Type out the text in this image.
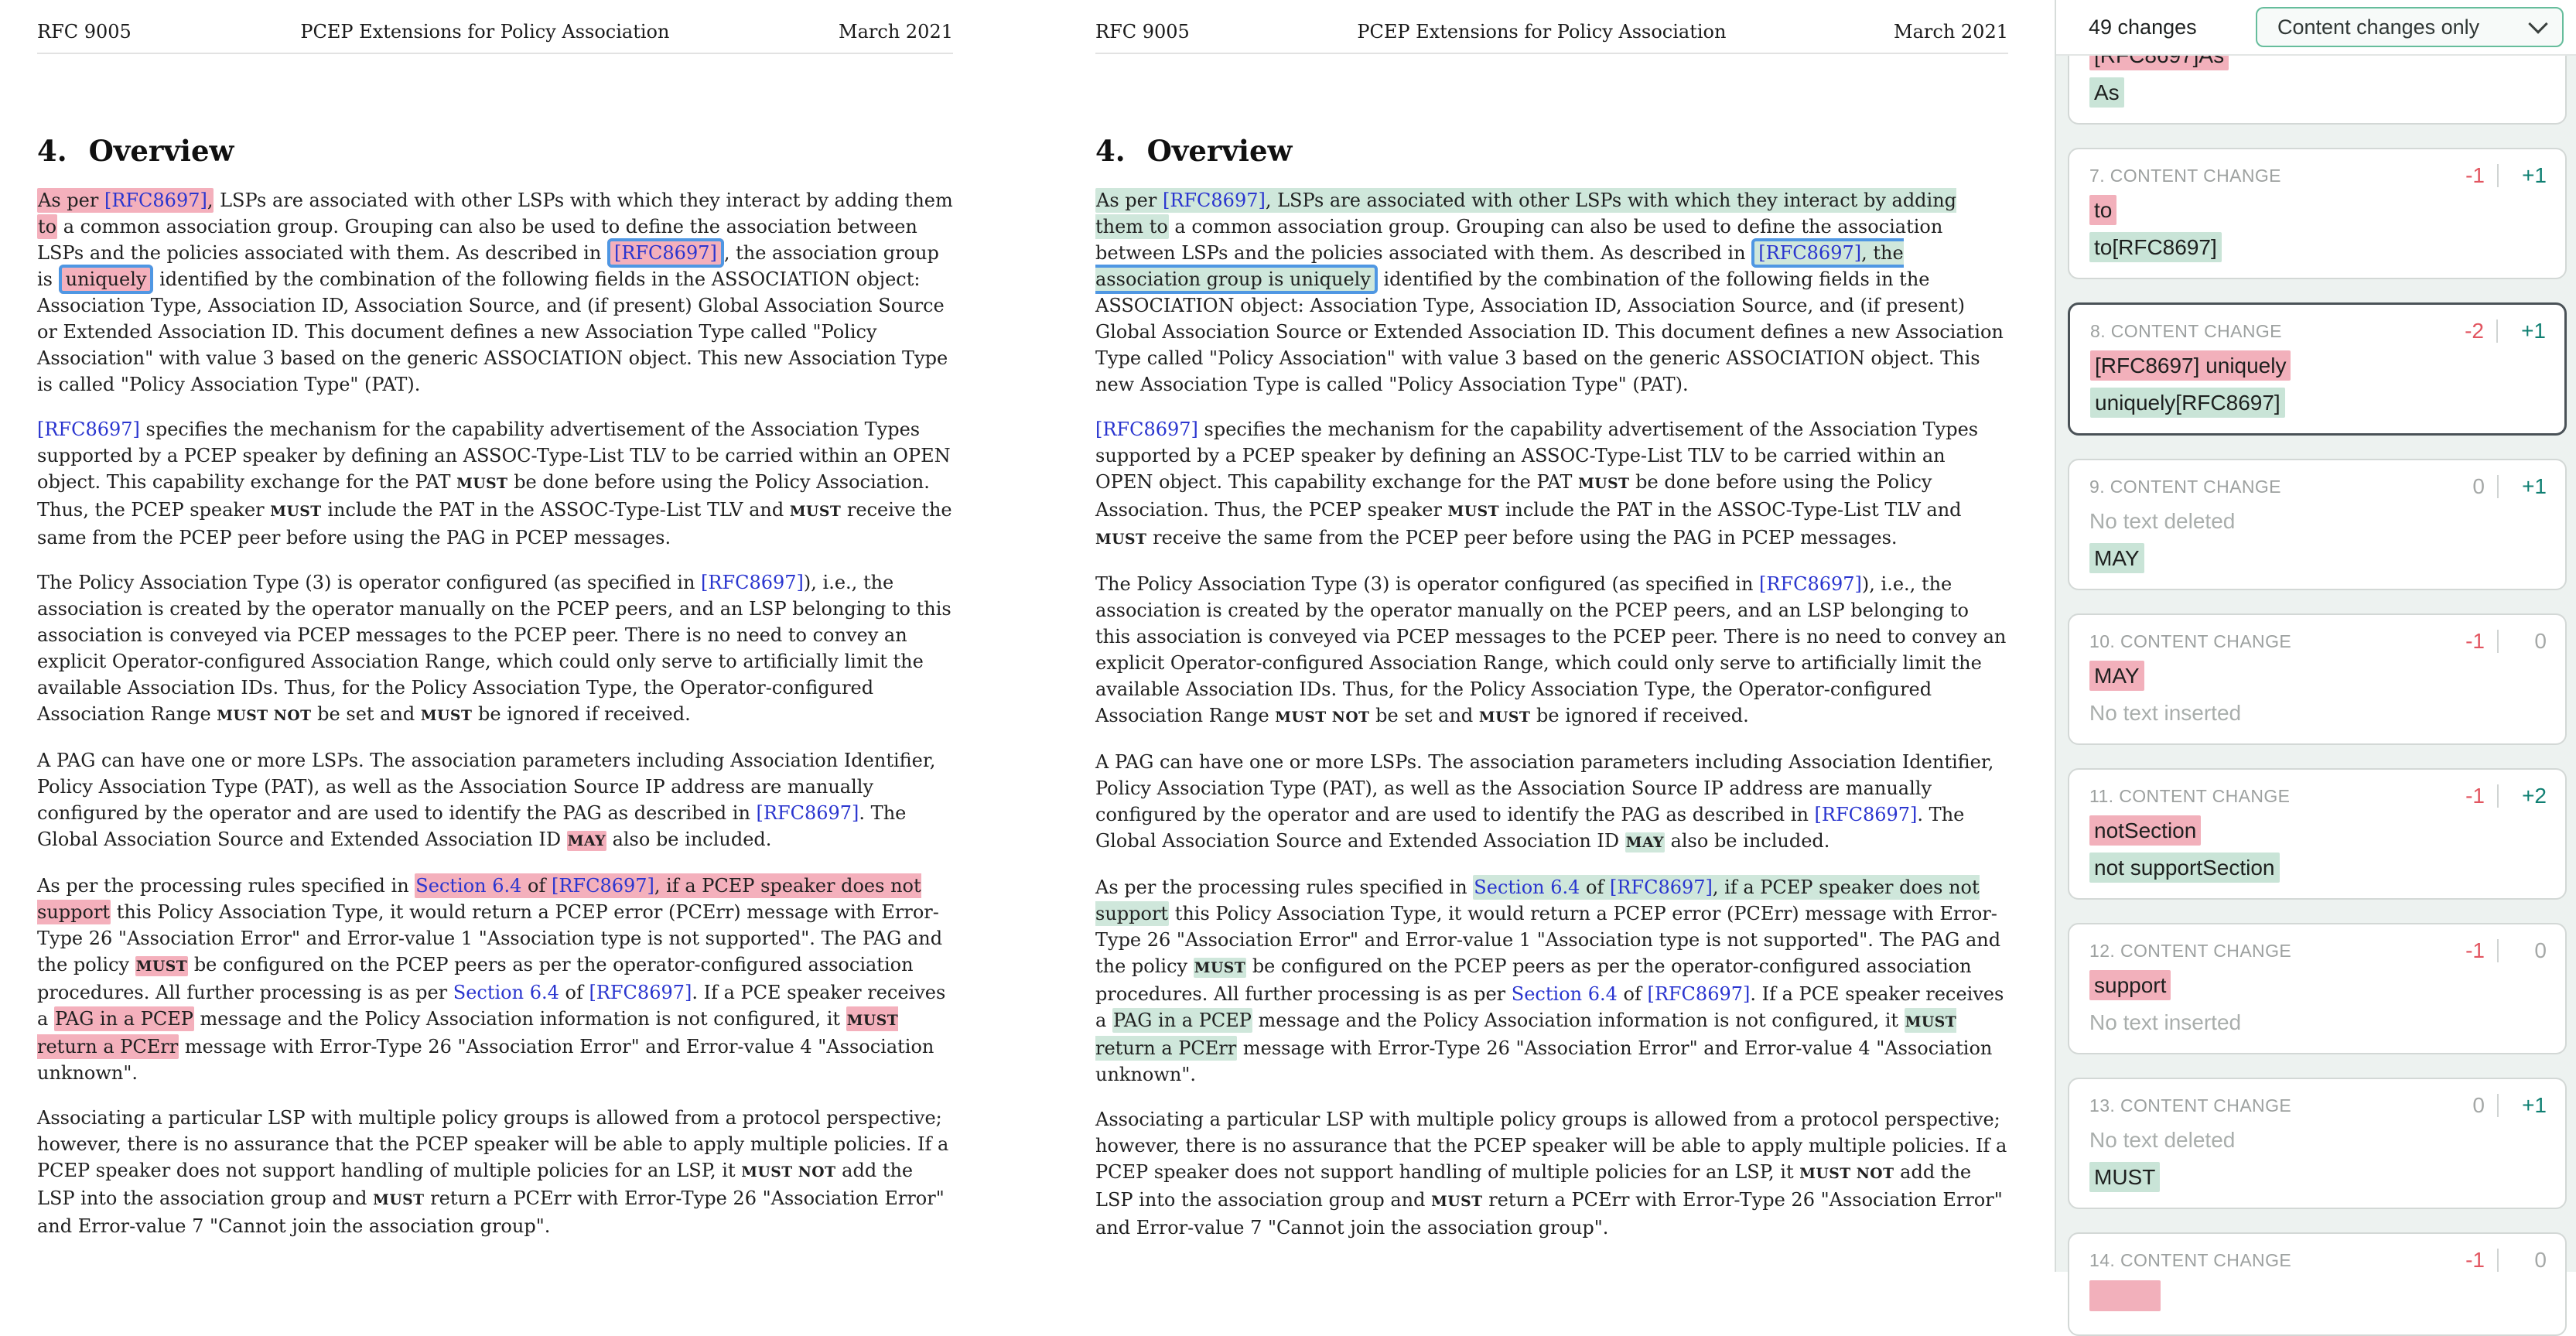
RFC 9005	PCEP Extensions for Policy Association	March 2021
4. Overview

As per [RFC8697], LSPs are associated with other LSPs with which they interact by adding them to a common association group. Grouping can also be used to define the association between LSPs and the policies associated with them. As described in [RFC8697] , the association group is uniquely identified by the combination of the following fields in the ASSOCIATION object: Association Type, Association ID, Association Source, and (if present) Global Association Source or Extended Association ID. This document defines a new Association Type called "Policy Association" with value 3 based on the generic ASSOCIATION object. This new Association Type is called "Policy Association Type" (PAT).

[RFC8697] specifies the mechanism for the capability advertisement of the Association Types supported by a PCEP speaker by defining an ASSOC-Type-List TLV to be carried within an OPEN object. This capability exchange for the PAT MUST be done before using the Policy Association. Thus, the PCEP speaker MUST include the PAT in the ASSOC-Type-List TLV and MUST receive the same from the PCEP peer before using the PAG in PCEP messages.

The Policy Association Type (3) is operator configured (as specified in [RFC8697]), i.e., the association is created by the operator manually on the PCEP peers, and an LSP belonging to this association is conveyed via PCEP messages to the PCEP peer. There is no need to convey an explicit Operator-configured Association Range, which could only serve to artificially limit the available Association IDs. Thus, for the Policy Association Type, the Operator-configured Association Range MUST NOT be set and MUST be ignored if received.

A PAG can have one or more LSPs. The association parameters including Association Identifier, Policy Association Type (PAT), as well as the Association Source IP address are manually configured by the operator and are used to identify the PAG as described in [RFC8697]. The Global Association Source and Extended Association ID MAY also be included.

As per the processing rules specified in Section 6.4 of [RFC8697], if a PCEP speaker does not support this Policy Association Type, it would return a PCEP error (PCErr) message with Error-Type 26 "Association Error" and Error-value 1 "Association type is not supported". The PAG and the policy MUST be configured on the PCEP peers as per the operator-configured association procedures. All further processing is as per Section 6.4 of [RFC8697]. If a PCE speaker receives a PAG in a PCEP message and the Policy Association information is not configured, it MUST return a PCErr message with Error-Type 26 "Association Error" and Error-value 4 "Association unknown".

Associating a particular LSP with multiple policy groups is allowed from a protocol perspective; however, there is no assurance that the PCEP speaker will be able to apply multiple policies. If a PCEP speaker does not support handling of multiple policies for an LSP, it MUST NOT add the LSP into the association group and MUST return a PCErr with Error-Type 26 "Association Error" and Error-value 7 "Cannot join the association group".

RFC 9005	PCEP Extensions for Policy Association	March 2021
4. Overview

As per [RFC8697], LSPs are associated with other LSPs with which they interact by adding them to a common association group. Grouping can also be used to define the association between LSPs and the policies associated with them. As described in [RFC8697], the association group is uniquely identified by the combination of the following fields in the ASSOCIATION object: Association Type, Association ID, Association Source, and (if present) Global Association Source or Extended Association ID. This document defines a new Association Type called "Policy Association" with value 3 based on the generic ASSOCIATION object. This new Association Type is called "Policy Association Type" (PAT).

[RFC8697] specifies the mechanism for the capability advertisement of the Association Types supported by a PCEP speaker by defining an ASSOC-Type-List TLV to be carried within an OPEN object. This capability exchange for the PAT MUST be done before using the Policy Association. Thus, the PCEP speaker MUST include the PAT in the ASSOC-Type-List TLV and MUST receive the same from the PCEP peer before using the PAG in PCEP messages.

The Policy Association Type (3) is operator configured (as specified in [RFC8697]), i.e., the association is created by the operator manually on the PCEP peers, and an LSP belonging to this association is conveyed via PCEP messages to the PCEP peer. There is no need to convey an explicit Operator-configured Association Range, which could only serve to artificially limit the available Association IDs. Thus, for the Policy Association Type, the Operator-configured Association Range MUST NOT be set and MUST be ignored if received.

A PAG can have one or more LSPs. The association parameters including Association Identifier, Policy Association Type (PAT), as well as the Association Source IP address are manually configured by the operator and are used to identify the PAG as described in [RFC8697]. The Global Association Source and Extended Association ID MAY also be included.

As per the processing rules specified in Section 6.4 of [RFC8697], if a PCEP speaker does not support this Policy Association Type, it would return a PCEP error (PCErr) message with Error-Type 26 "Association Error" and Error-value 1 "Association type is not supported". The PAG and the policy MUST be configured on the PCEP peers as per the operator-configured association procedures. All further processing is as per Section 6.4 of [RFC8697]. If a PCE speaker receives a PAG in a PCEP message and the Policy Association information is not configured, it MUST return a PCErr message with Error-Type 26 "Association Error" and Error-value 4 "Association unknown".

Associating a particular LSP with multiple policy groups is allowed from a protocol perspective; however, there is no assurance that the PCEP speaker will be able to apply multiple policies. If a PCEP speaker does not support handling of multiple policies for an LSP, it MUST NOT add the LSP into the association group and MUST return a PCErr with Error-Type 26 "Association Error" and Error-value 7 "Cannot join the association group".

49 changes	Content changes only
As
7. CONTENT CHANGE	-1	+1
to
to[RFC8697]
8. CONTENT CHANGE	-2	+1
[RFC8697] uniquely
uniquely[RFC8697]
9. CONTENT CHANGE	0	+1
No text deleted
MAY
10. CONTENT CHANGE	-1	0
MAY
No text inserted
11. CONTENT CHANGE	-1	+2
notSection
not supportSection
12. CONTENT CHANGE	-1	0
support
No text inserted
13. CONTENT CHANGE	0	+1
No text deleted
MUST
14. CONTENT CHANGE	-1	0
